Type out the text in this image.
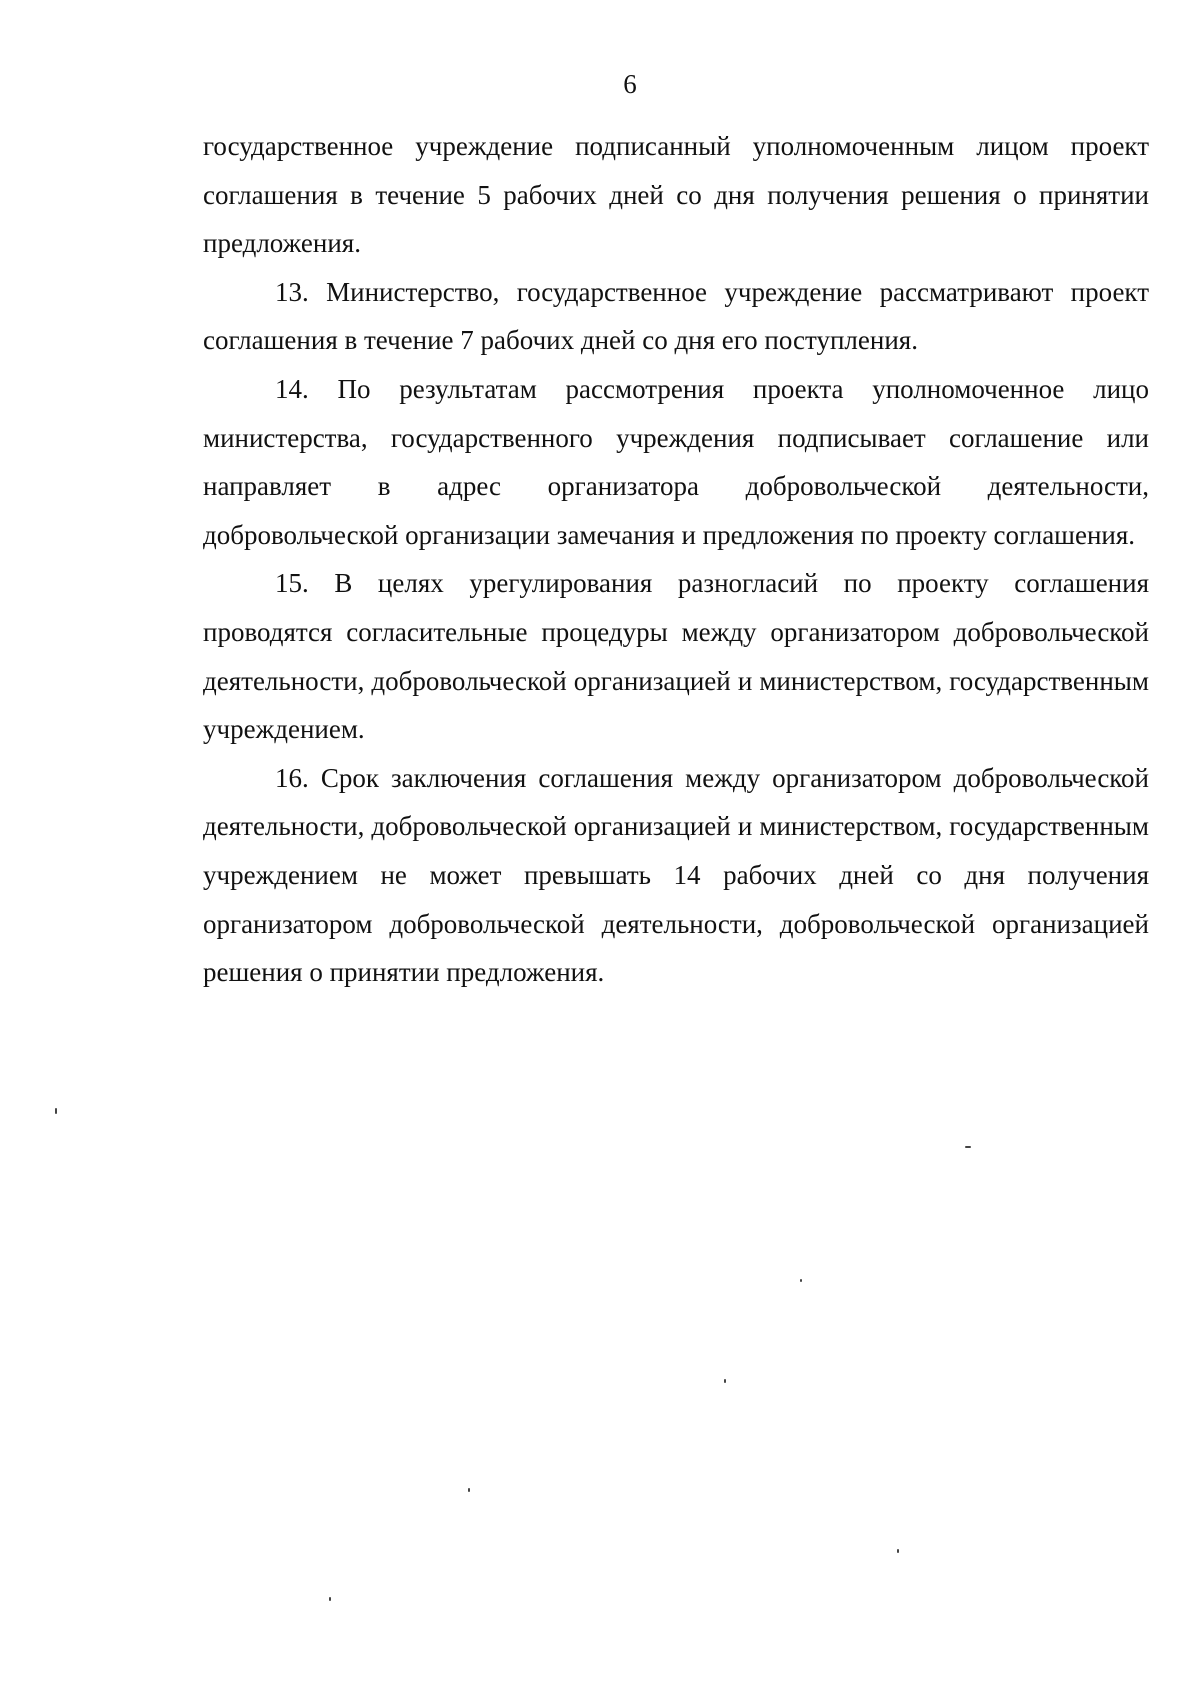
6

государственное учреждение подписанный уполномоченным лицом проект соглашения в течение 5 рабочих дней со дня получения решения о принятии предложения.

13. Министерство, государственное учреждение рассматривают проект соглашения в течение 7 рабочих дней со дня его поступления.

14. По результатам рассмотрения проекта уполномоченное лицо министерства, государственного учреждения подписывает соглашение или направляет в адрес организатора добровольческой деятельности, добровольческой организации замечания и предложения по проекту соглашения.

15. В целях урегулирования разногласий по проекту соглашения проводятся согласительные процедуры между организатором добровольческой деятельности, добровольческой организацией и министерством, государственным учреждением.

16. Срок заключения соглашения между организатором добровольческой деятельности, добровольческой организацией и министерством, государственным учреждением не может превышать 14 рабочих дней со дня получения организатором добровольческой деятельности, добровольческой организацией решения о принятии предложения.
